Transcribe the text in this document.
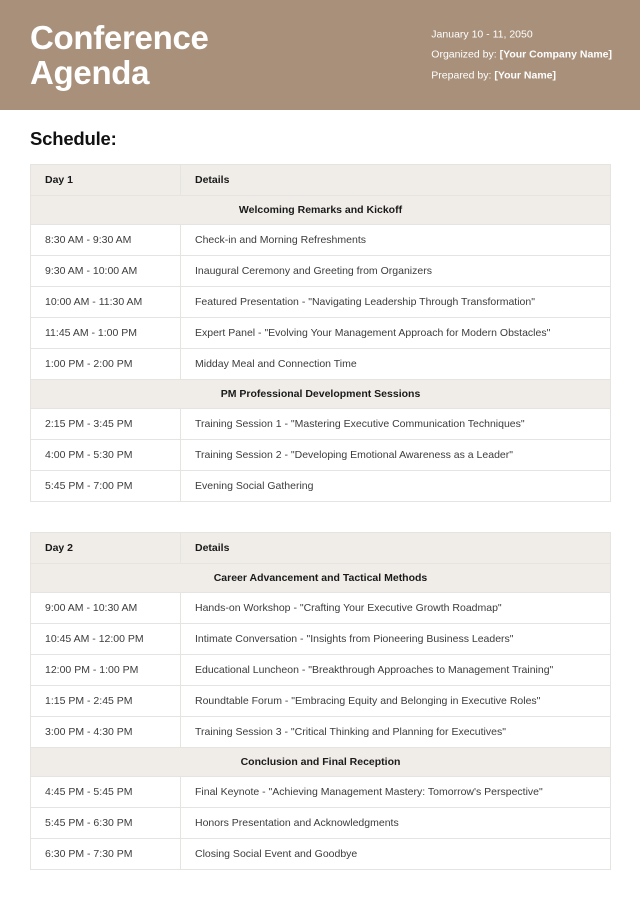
Conference
Agenda
January 10 - 11, 2050
Organized by: [Your Company Name]
Prepared by: [Your Name]
Schedule:
Day 1	Details
Welcoming Remarks and Kickoff	
8:30 AM - 9:30 AM	Check-in and Morning Refreshments
9:30 AM - 10:00 AM	Inaugural Ceremony and Greeting from Organizers
10:00 AM - 11:30 AM	Featured Presentation - "Navigating Leadership Through Transformation"
11:45 AM - 1:00 PM	Expert Panel - "Evolving Your Management Approach for Modern Obstacles"
1:00 PM - 2:00 PM	Midday Meal and Connection Time
PM Professional Development Sessions	
2:15 PM - 3:45 PM	Training Session 1 - "Mastering Executive Communication Techniques"
4:00 PM - 5:30 PM	Training Session 2 - "Developing Emotional Awareness as a Leader"
5:45 PM - 7:00 PM	Evening Social Gathering
Day 2	Details
Career Advancement and Tactical Methods	
9:00 AM - 10:30 AM	Hands-on Workshop - "Crafting Your Executive Growth Roadmap"
10:45 AM - 12:00 PM	Intimate Conversation - "Insights from Pioneering Business Leaders"
12:00 PM - 1:00 PM	Educational Luncheon - "Breakthrough Approaches to Management Training"
1:15 PM - 2:45 PM	Roundtable Forum - "Embracing Equity and Belonging in Executive Roles"
3:00 PM - 4:30 PM	Training Session 3 - "Critical Thinking and Planning for Executives"
Conclusion and Final Reception	
4:45 PM - 5:45 PM	Final Keynote - "Achieving Management Mastery: Tomorrow's Perspective"
5:45 PM - 6:30 PM	Honors Presentation and Acknowledgments
6:30 PM - 7:30 PM	Closing Social Event and Goodbye
